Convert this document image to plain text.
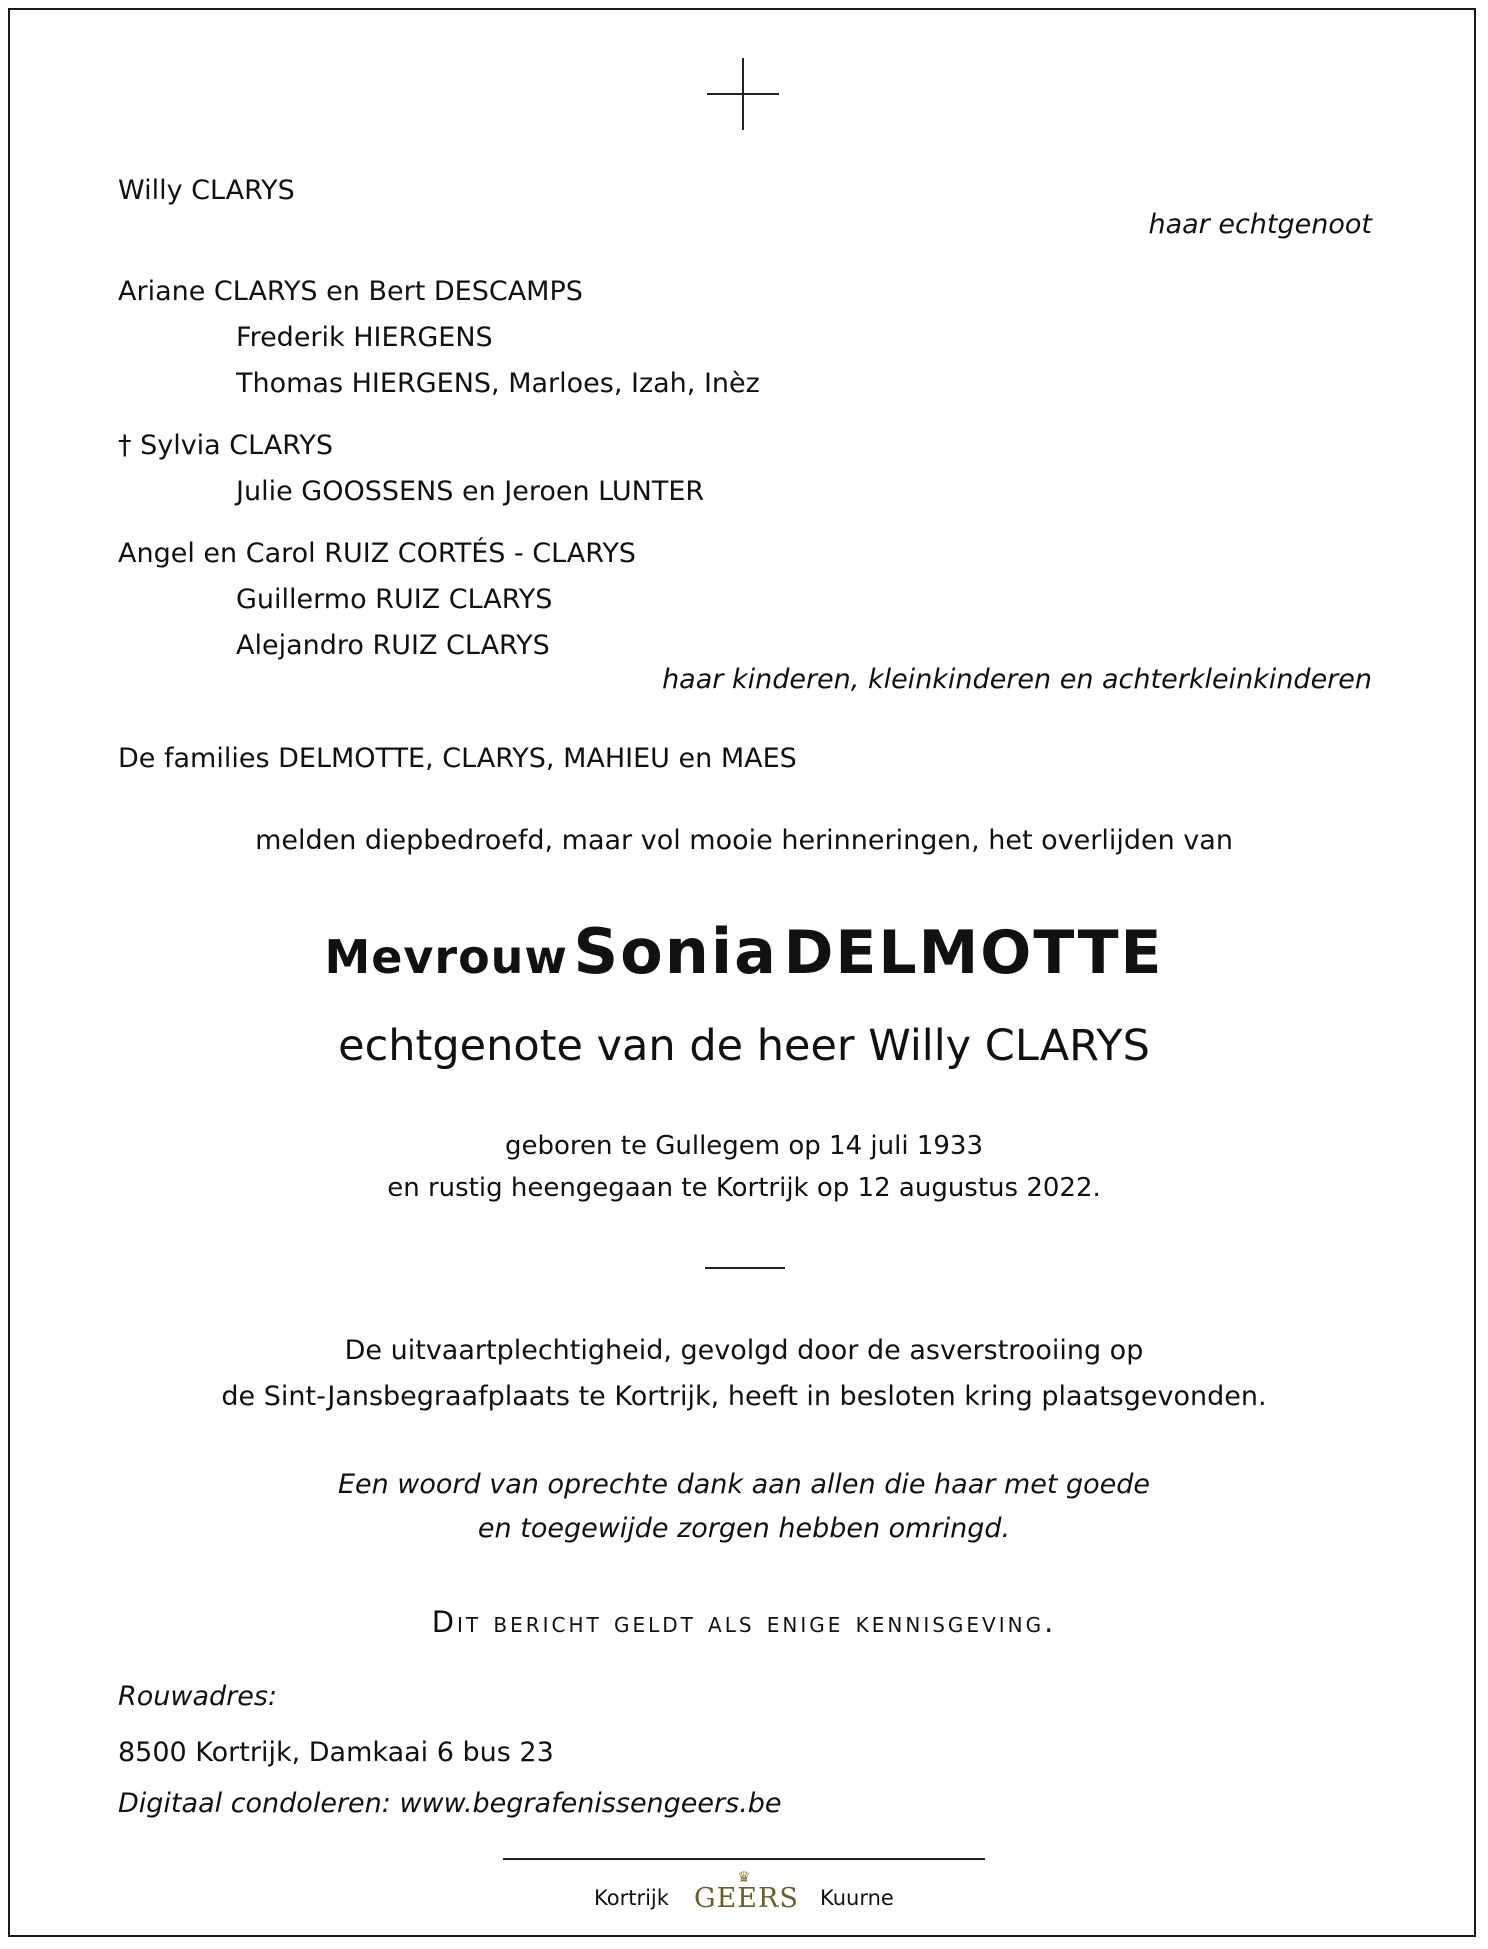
Willy CLARYS
haar echtgenoot
Ariane CLARYS en Bert DESCAMPS
Frederik HIERGENS
Thomas HIERGENS, Marloes, Izah, Inèz
† Sylvia CLARYS
Julie GOOSSENS en Jeroen LUNTER
Angel en Carol RUIZ CORTÉS - CLARYS
Guillermo RUIZ CLARYS
Alejandro RUIZ CLARYS
haar kinderen, kleinkinderen en achterkleinkinderen
De families DELMOTTE, CLARYS, MAHIEU en MAES
melden diepbedroefd, maar vol mooie herinneringen, het overlijden van
Mevrouw Sonia DELMOTTE
echtgenote van de heer Willy CLARYS
geboren te Gullegem op 14 juli 1933
en rustig heengegaan te Kortrijk op 12 augustus 2022.
De uitvaartplechtigheid, gevolgd door de asverstrooiing op
de Sint-Jansbegraafplaats te Kortrijk, heeft in besloten kring plaatsgevonden.
Een woord van oprechte dank aan allen die haar met goede
en toegewijde zorgen hebben omringd.
Dit bericht geldt als enige kennisgeving.
Rouwadres:
8500 Kortrijk, Damkaai 6 bus 23
Digitaal condoleren: www.begrafenissengeers.be
Kortrijk
♛
GEERS Kuurne
